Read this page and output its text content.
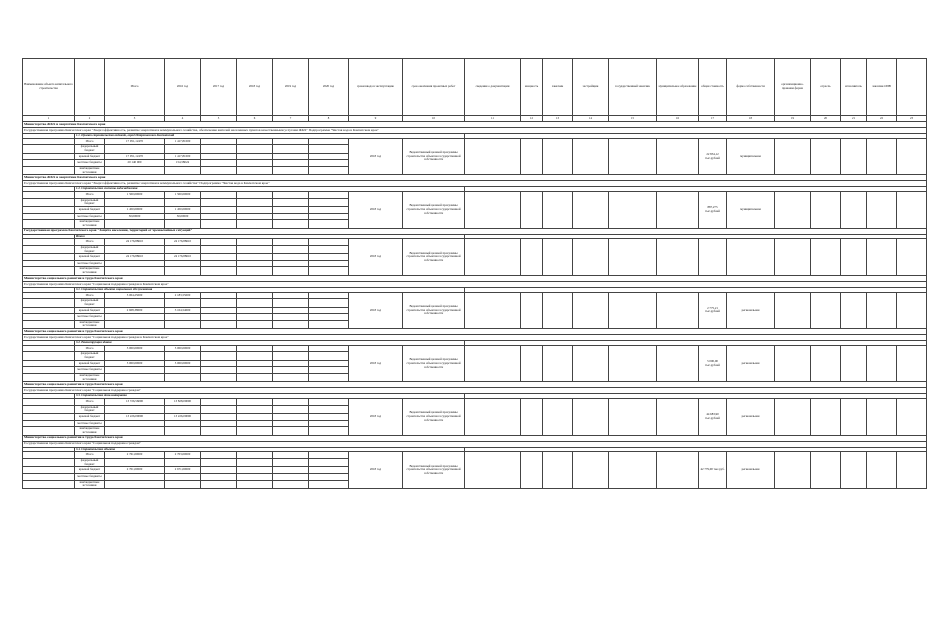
Наименование объекта капитального строительства		Итого	2016 год	2017 год	2018 год	2019 год	2020 год	сроки ввода в эксплуатацию	срок окончания проектных работ	сведения о документации	мощность	заказчик	застройщик	государственный заказчик	муниципальное образование	общая стоимость	форма собственности	организационно-правовая форма	отрасль	исполнитель	заказчик ОИВ	
1	2	3	4	5	6	7	8	9	10	11	12	13	14	15	16	17	18	19	20	21	22	23
Министерство ЖКХ и энергетики Камчатского края																						
Государственная программа Камчатского края "Энергоэффективность, развитие энергетики и коммунального хозяйства, обеспечение жителей населенных пунктов качественными услугами ЖКХ" Подпрограмма "Чистая вода в Камчатском крае"																						
	1.1. Проект строительства водовода, город Петропавловск-Камчатский																					
	Итого	17 951,12470	1 417,81000					2018 год	Ведомственный целевой программы строительства объектов государственной собственности							22 834,12 тыс.рублей	муниципальная					
	федеральный бюджет																					
	краевой бюджет	17 951,12470	1 417,81000																			
	местные бюджеты	20 140 000	154,58024																			
	внебюджетные источники																					
Министерство ЖКХ и энергетики Камчатского края																						
Государственная программа Камчатского края "Энергоэффективность, развитие энергетики и коммунального хозяйства" Подпрограмма "Чистая вода в Камчатском крае"																						
	1.2. Строительство системы водоснабжения																					
	Итого	1 500,00000	1 500,00000					2018 год	Ведомственный целевой программы строительства объектов государственной собственности							887,275 тыс.рублей	муниципальная					
	федеральный бюджет																					
	краевой бюджет	1 450,00000	1 450,00000																			
	местные бюджеты	50,00000	50,00000																			
	внебюджетные источники																					
Государственная программа Камчатского края "Защита населения, территорий от чрезвычайных ситуаций"																						
	Итого																					
	Итого	24 176,88610	24 176,88610					2018 год	Ведомственный целевой программы строительства объектов государственной собственности													
	федеральный бюджет																					
	краевой бюджет	24 176,88610	24 176,88610																			
	местные бюджеты																					
	внебюджетные источники																					
Министерство социального развития и труда Камчатского края																						
Государственная программа Камчатского края "Социальная поддержка граждан в Камчатском крае"																						
	3.1. Строительство объекта социального обслуживания																					
	Итого	5 004,25000	2 183,55000					2018 год	Ведомственный целевой программы строительства объектов государственной собственности							2 775,21 тыс.рублей	региональная					
	федеральный бюджет																					
	краевой бюджет	2 608,38000	3 104,54000																			
	местные бюджеты																					
	внебюджетные источники																					
Министерство социального развития и труда Камчатского края																						
Государственная программа Камчатского края "Социальная поддержка граждан в Камчатском крае"																						
	3.2. Реконструкция здания																					
	Итого	5 000,00000	5 000,00000					2018 год	Ведомственный целевой программы строительства объектов государственной собственности							5 000,00 тыс.рублей	региональная					
	федеральный бюджет																					
	краевой бюджет	5 000,00000	5 000,00000																			
	местные бюджеты																					
	внебюджетные источники																					
Министерство социального развития и труда Камчатского края																						
Государственная программа Камчатского края "Социальная поддержка граждан"																						
	3.3. Строительство дома-интерната																					
	Итого	13 726,56000	13 828,00000					2018 год	Ведомственный целевой программы строительства объектов государственной собственности							44 683,90 тыс.рублей	региональная					
	федеральный бюджет																					
	краевой бюджет	13 226,00000	13 226,00000																			
	местные бюджеты																					
	внебюджетные источники																					
Министерство социального развития и труда Камчатского края																						
Государственная программа Камчатского края "Социальная поддержка граждан"																						
	3.4. Строительство объекта																					
	Итого	2 761,00000	2 703,00000					2018 год	Ведомственный целевой программы строительства объектов государственной собственности							42 779,00 тыс.руб.	региональная					
	федеральный бюджет																					
	краевой бюджет	2 701,00000	2 671,00000																			
	местные бюджеты																					
	внебюджетные источники																					
